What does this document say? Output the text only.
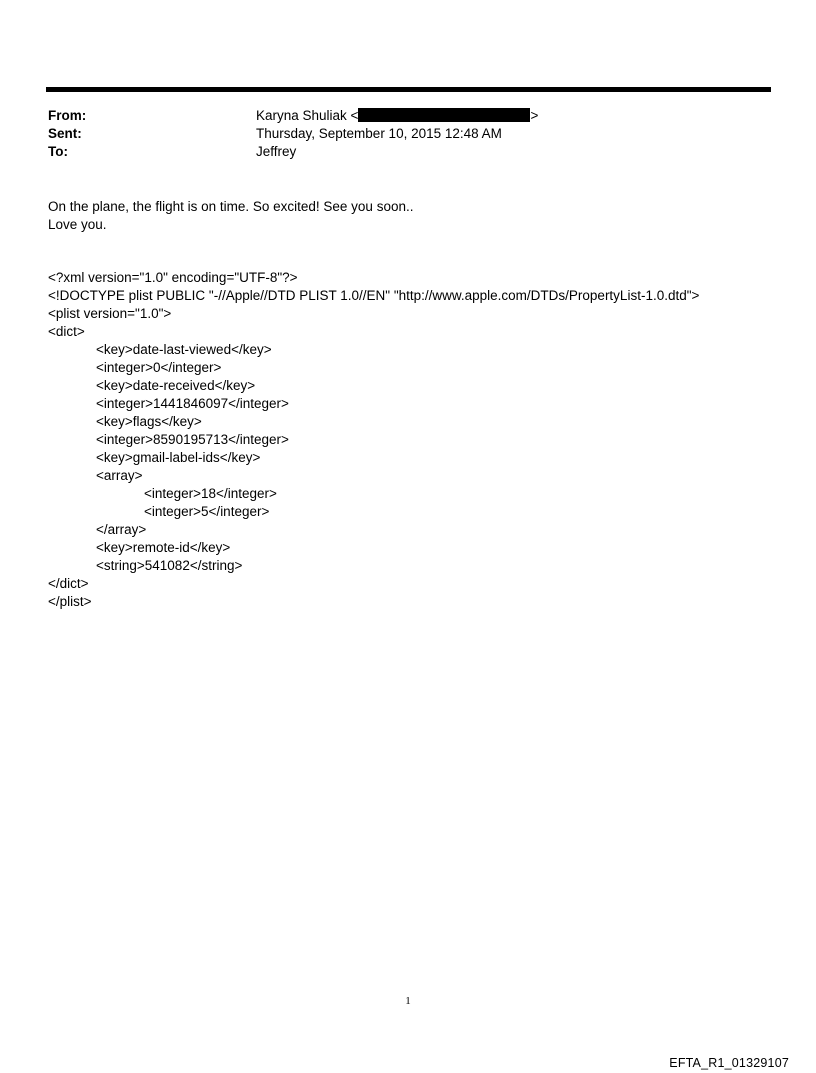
From:	Karyna Shuliak <	>
Sent:	Thursday, September 10, 2015 12:48 AM
To:	Jeffrey
On the plane, the flight is on time. So excited! See you soon..
Love you.
<?xml version="1.0" encoding="UTF-8"?>
<!DOCTYPE plist PUBLIC "-//Apple//DTD PLIST 1.0//EN" "http://www.apple.com/DTDs/PropertyList-1.0.dtd">
<plist version="1.0">
<dict>
<key>date-last-viewed</key>
<integer>0</integer>
<key>date-received</key>
<integer>1441846097</integer>
<key>flags</key>
<integer>8590195713</integer>
<key>gmail-label-ids</key>
<array>
<integer>18</integer>
<integer>5</integer>
</array>
<key>remote-id</key>
<string>541082</string>
</dict>
</plist>
1
EFTA_R1_01329107
